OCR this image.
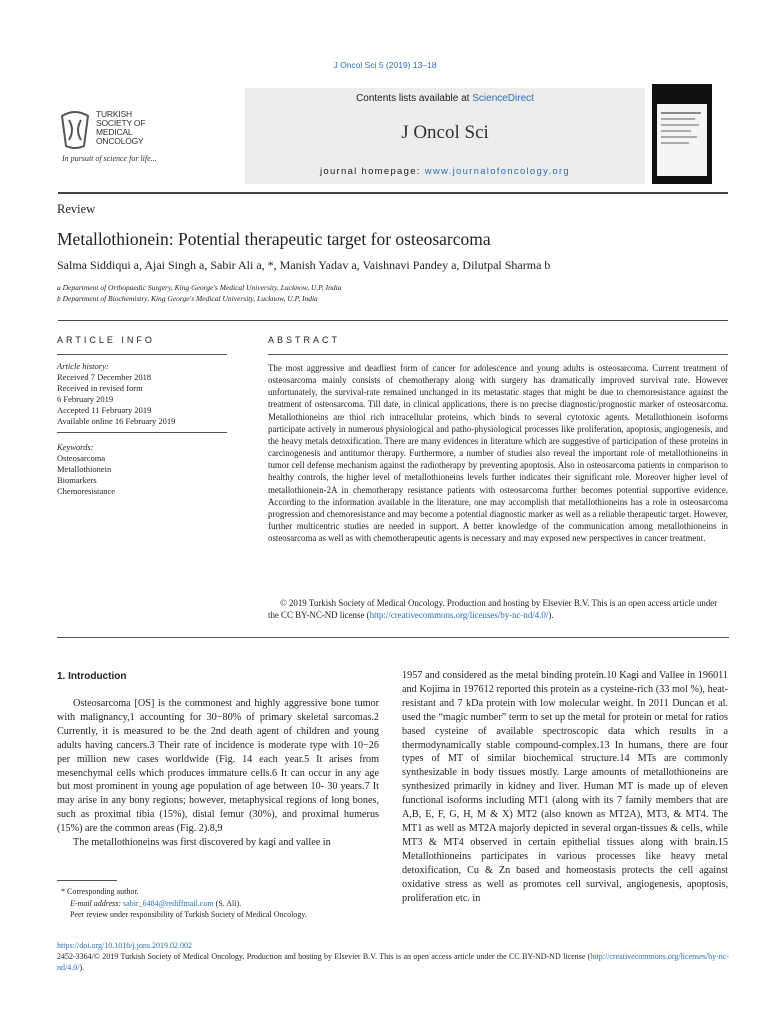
J Oncol Sci 5 (2019) 13–18
TURKISH
SOCIETY OF
MEDICAL
ONCOLOGY
In pursuit of science for life...
Contents lists available at ScienceDirect
J Oncol Sci
journal homepage: www.journalofoncology.org
Review
Metallothionein: Potential therapeutic target for osteosarcoma
Salma Siddiqui a, Ajai Singh a, Sabir Ali a, *, Manish Yadav a, Vaishnavi Pandey a, Dilutpal Sharma b
a Department of Orthopaedic Surgery, King George's Medical University, Lucknow, U.P, India
b Department of Biochemistry, King George's Medical University, Lucknow, U.P, India
ARTICLE INFO
Article history:
Received 7 December 2018
Received in revised form
6 February 2019
Accepted 11 February 2019
Available online 16 February 2019
Keywords:
Osteosarcoma
Metallothionein
Biomarkers
Chemoresistance
ABSTRACT
The most aggressive and deadliest form of cancer for adolescence and young adults is osteosarcoma. Current treatment of osteosarcoma mainly consists of chemotherapy along with surgery has dramatically improved survival rate. However unfortunately, the survival-rate remained unchanged in its metastatic stages that might be due to chemoresistance against the treatment of osteosarcoma. Till date, in clinical applications, there is no precise diagnostic/prognostic marker of osteosarcoma. Metallothioneins are thiol rich intracellular proteins, which binds to several cytotoxic agents. Metallothionein isoforms participate actively in numerous physiological and patho-physiological processes like proliferation, apoptosis, angiogenesis, and the heavy metals detoxification. There are many evidences in literature which are suggestive of participation of these proteins in carcinogenesis and antitumor therapy. Furthermore, a number of studies also reveal the important role of metallothioneins in tumor cell defense mechanism against the radiotherapy by preventing apoptosis. Also in osteosarcoma patients in comparison to healthy controls, the higher level of metallothioneins levels further indicates their significant role. Moreover higher level of metallothionein-2A in chemotherapy resistance patients with osteosarcoma further becomes potential supportive evidence. According to the information available in the literature, one may accomplish that metallothioneins has a role in osteosarcoma progression and chemoresistance and may become a potential diagnostic marker as well as a reliable therapeutic target. However, further multicentric studies are needed in support. A better knowledge of the communication among metallothioneins in osteosarcoma as well as with chemotherapeutic agents is necessary and may exposed new perspectives in cancer treatment.
© 2019 Turkish Society of Medical Oncology. Production and hosting by Elsevier B.V. This is an open access article under the CC BY-NC-ND license (http://creativecommons.org/licenses/by-nc-nd/4.0/).
1. Introduction

Osteosarcoma [OS] is the commonest and highly aggressive bone tumor with malignancy,1 accounting for 30−80% of primary skeletal sarcomas.2 Currently, it is measured to be the 2nd death agent of children and young adults having cancers.3 Their rate of incidence is moderate type with 10−26 per million new cases worldwide (Fig. 14 each year.5 It arises from mesenchymal cells which produces immature cells.6 It can occur in any age but most prominent in young age population of age between 10- 30 years.7 It may arise in any bony regions; however, metaphysical regions of long bones, such as proximal tibia (15%), distal femur (30%), and proximal humerus (15%) are the common areas (Fig. 2).8,9

The metallothioneins was first discovered by kagi and vallee in

1957 and considered as the metal binding protein.10 Kagi and Vallee in 196011 and Kojima in 197612 reported this protein as a cysteine-rich (33 mol %), heat-resistant and 7 kDa protein with low molecular weight. In 2011 Duncan et al. used the “magic number” term to set up the metal for protein or metal for ratios based cysteine of available spectroscopic data which results in a thermodynamically stable compound-complex.13 In humans, there are four types of MT of similar biochemical structure.14 MTs are commonly synthesizable in body tissues mostly. Large amounts of metallothioneins are synthesized primarily in kidney and liver. Human MT is made up of eleven functional isoforms including MT1 (along with its 7 family members that are A,B, E, F, G, H, M & X) MT2 (also known as MT2A), MT3, & MT4. The MT1 as well as MT2A majorly depicted in several organ-tissues & cells, while MT3 & MT4 observed in certain epithelial tissues along with brain.15 Metallothioneins participates in various processes like heavy metal detoxification, Cu & Zn based and homeostasis protects the cell against oxidative stress as well as promotes cell survival, angiogenesis, apoptosis, proliferation etc. in
* Corresponding author.
E-mail address: sabir_6484@rediffmail.com (S. Ali).
Peer review under responsibility of Turkish Society of Medical Oncology.
https://doi.org/10.1016/j.jons.2019.02.002
2452-3364/© 2019 Turkish Society of Medical Oncology. Production and hosting by Elsevier B.V. This is an open access article under the CC BY-ND-ND license (http://creativecommons.org/licenses/by-nc-nd/4.0/).
